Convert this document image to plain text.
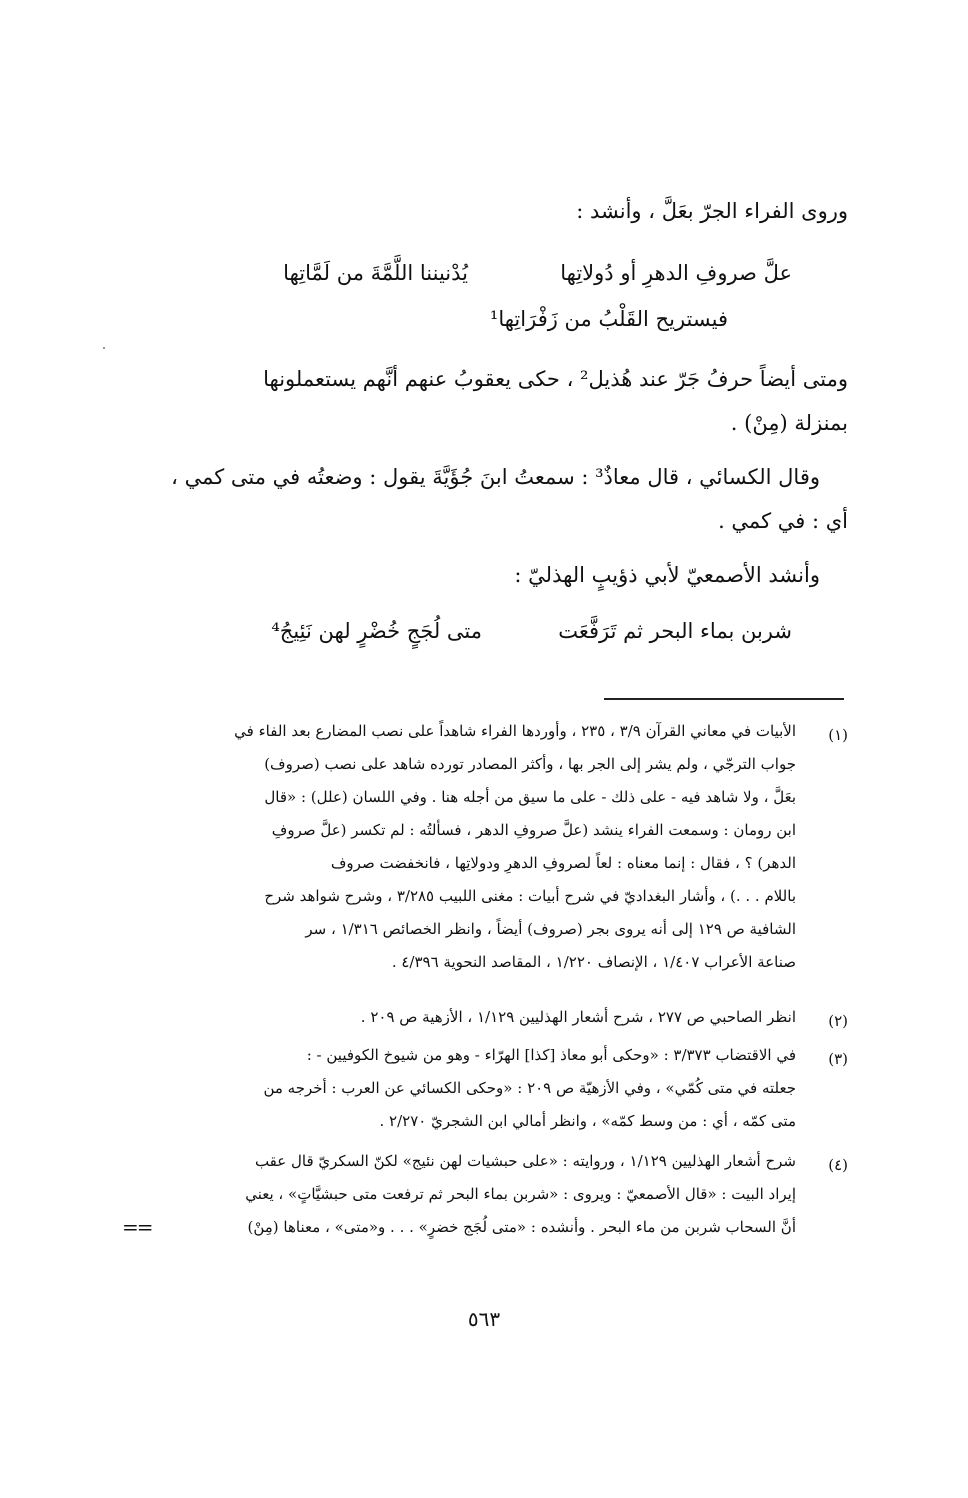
وروى الفراء الجرّ بعَلَّ ، وأنشد :
علَّ صروفِ الدهرِ أو دُولاتِها
يُدْنيننا اللَّمَّةَ من لَمَّاتِها
فيستريح القَلْبُ من زَفْرَاتِها¹
ومتى أيضاً حرفُ جَرّ عند هُذيل² ، حكى يعقوبُ عنهم أنَّهم يستعملونها
بمنزلة (مِنْ) .
وقال الكسائي ، قال معاذٌ³ : سمعتُ ابنَ جُؤَيَّةَ يقول : وضعتُه في متى كمي ،
أي : في كمي .
وأنشد الأصمعيّ لأبي ذؤيبٍ الهذليّ :
شربن بماء البحر ثم تَرَفَّعَت
متى لُجَجٍ خُضْرٍ لهن نَئِيجُ⁴
(١)
الأبيات في معاني القرآن ٣/٩ ، ٢٣٥ ، وأوردها الفراء شاهداً على نصب المضارع بعد الفاء في
جواب الترجّي ، ولم يشر إلى الجر بها ، وأكثر المصادر تورده شاهد على نصب (صروف)
بعَلَّ ، ولا شاهد فيه - على ذلك - على ما سيق من أجله هنا . وفي اللسان (علل) : «قال
ابن رومان : وسمعت الفراء ينشد (علَّ صروفِ الدهر ، فسألتُه : لم تكسر (علَّ صروفِ
الدهر) ؟ ، فقال : إنما معناه : لعاً لصروفِ الدهرِ ودولاتِها ، فانخفضت صروف
باللام . . .) ، وأشار البغداديّ في شرح أبيات : مغنى اللبيب ٣/٢٨٥ ، وشرح شواهد شرح
الشافية ص ١٢٩ إلى أنه يروى بجر (صروف) أيضاً ، وانظر الخصائص ١/٣١٦ ، سر
صناعة الأعراب ١/٤٠٧ ، الإنصاف ١/٢٢٠ ، المقاصد النحوية ٤/٣٩٦ .
(٢)
انظر الصاحبي ص ٢٧٧ ، شرح أشعار الهذليين ١/١٢٩ ، الأزهية ص ٢٠٩ .
(٣)
في الاقتضاب ٣/٣٧٣ : «وحكى أبو معاذ [كذا] الهرّاء - وهو من شيوخ الكوفيين - :
جعلته في متى كُمّي» ، وفي الأزهيّة ص ٢٠٩ : «وحكى الكسائي عن العرب : أخرجه من
متى كمّه ، أي : من وسط كمّه» ، وانظر أمالي ابن الشجريّ ٢/٢٧٠ .
(٤)
شرح أشعار الهذليين ١/١٢٩ ، وروايته : «على حبشيات لهن نئيج» لكنّ السكريّ قال عقب
إيراد البيت : «قال الأصمعيّ : ويروى : «شربن بماء البحر ثم ترفعت متى حبشيَّاتٍ» ، يعني
أنَّ السحاب شربن من ماء البحر . وأنشده : «متى لُجَج خضرٍ» . . . و«متى» ، معناها (مِنْ)
==
٥٦٣
